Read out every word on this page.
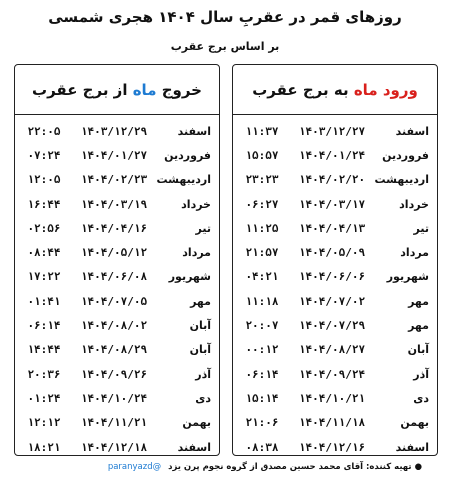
روزهای قمر در عقربِ سال ۱۴۰۴ هجری شمسی
بر اساس برج عقرب
ورود ماه

به برج عقرب
اسفند
۱۴۰۳/۱۲/۲۷
۱۱:۳۷
فروردین
۱۴۰۴/۰۱/۲۴
۱۵:۵۷
اردیبهشت
۱۴۰۴/۰۲/۲۰
۲۳:۲۳
خرداد
۱۴۰۴/۰۳/۱۷
۰۶:۲۷
تیر
۱۴۰۴/۰۴/۱۳
۱۱:۲۵
مرداد
۱۴۰۴/۰۵/۰۹
۲۱:۵۷
شهریور
۱۴۰۴/۰۶/۰۶
۰۴:۲۱
مهر
۱۴۰۴/۰۷/۰۲
۱۱:۱۸
مهر
۱۴۰۴/۰۷/۲۹
۲۰:۰۷
آبان
۱۴۰۴/۰۸/۲۷
۰۰:۱۲
آذر
۱۴۰۴/۰۹/۲۴
۰۶:۱۴
دی
۱۴۰۴/۱۰/۲۱
۱۵:۱۴
بهمن
۱۴۰۴/۱۱/۱۸
۲۱:۰۶
اسفند
۱۴۰۴/۱۲/۱۶
۰۸:۳۸
خروج

ماه

از برج عقرب
اسفند
۱۴۰۳/۱۲/۲۹
۲۲:۰۵
فروردین
۱۴۰۴/۰۱/۲۷
۰۷:۲۴
اردیبهشت
۱۴۰۴/۰۲/۲۳
۱۲:۰۵
خرداد
۱۴۰۴/۰۳/۱۹
۱۶:۴۴
تیر
۱۴۰۴/۰۴/۱۶
۰۲:۵۶
مرداد
۱۴۰۴/۰۵/۱۲
۰۸:۴۴
شهریور
۱۴۰۴/۰۶/۰۸
۱۷:۲۲
مهر
۱۴۰۴/۰۷/۰۵
۰۱:۴۱
آبان
۱۴۰۴/۰۸/۰۲
۰۶:۱۴
آبان
۱۴۰۴/۰۸/۲۹
۱۴:۴۴
آذر
۱۴۰۴/۰۹/۲۶
۲۰:۳۶
دی
۱۴۰۴/۱۰/۲۴
۰۱:۲۴
بهمن
۱۴۰۴/۱۱/۲۱
۱۲:۱۲
اسفند
۱۴۰۴/۱۲/۱۸
۱۸:۲۱
● تهیه کننده: آقای محمد حسین مصدق از گروه نجوم پرن یزد @paranyazd
